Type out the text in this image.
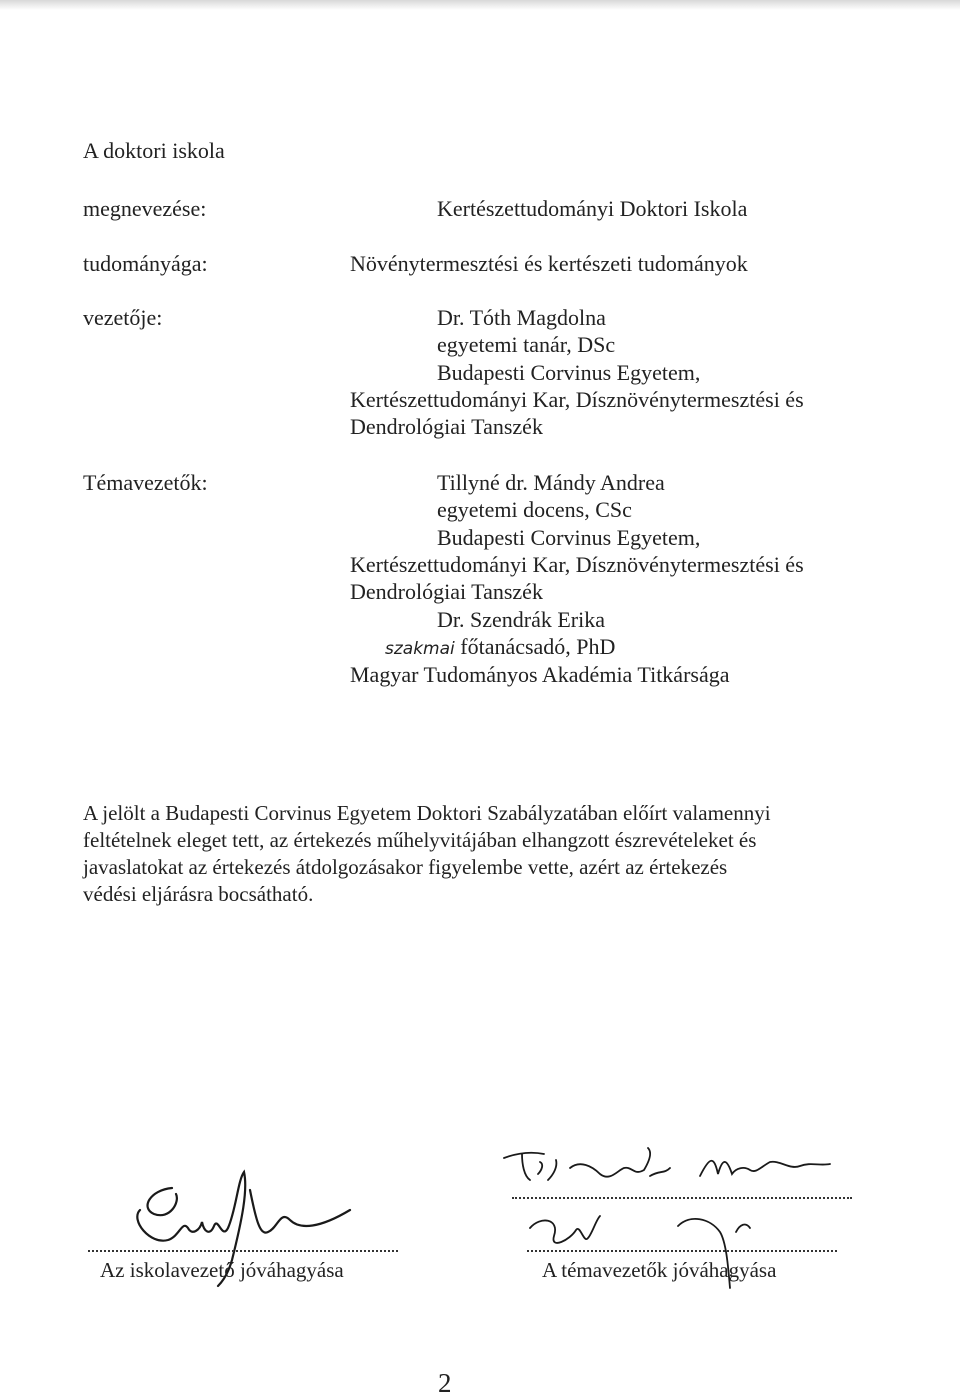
A doktori iskola
megnevezése:	Kertészettudományi Doktori Iskola
tudományága:	Növénytermesztési és kertészeti tudományok
vezetője:	Dr. Tóth Magdolna
egyetemi tanár, DSc
Budapesti Corvinus Egyetem,
Kertészettudományi Kar, Dísznövénytermesztési és
Dendrológiai Tanszék
Témavezetők:	Tillyné dr. Mándy Andrea
egyetemi docens, CSc
Budapesti Corvinus Egyetem,
Kertészettudományi Kar, Dísznövénytermesztési és
Dendrológiai Tanszék
Dr. Szendrák Erika
szakmai főtanácsadó, PhD
Magyar Tudományos Akadémia Titkársága
A jelölt a Budapesti Corvinus Egyetem Doktori Szabályzatában előírt valamennyi
feltételnek eleget tett, az értekezés műhelyvitájában elhangzott észrevételeket és
javaslatokat az értekezés átdolgozásakor figyelembe vette, azért az értekezés
védési eljárásra bocsátható.
Az iskolavezető jóváhagyása	A témavezetők jóváhagyása
2
